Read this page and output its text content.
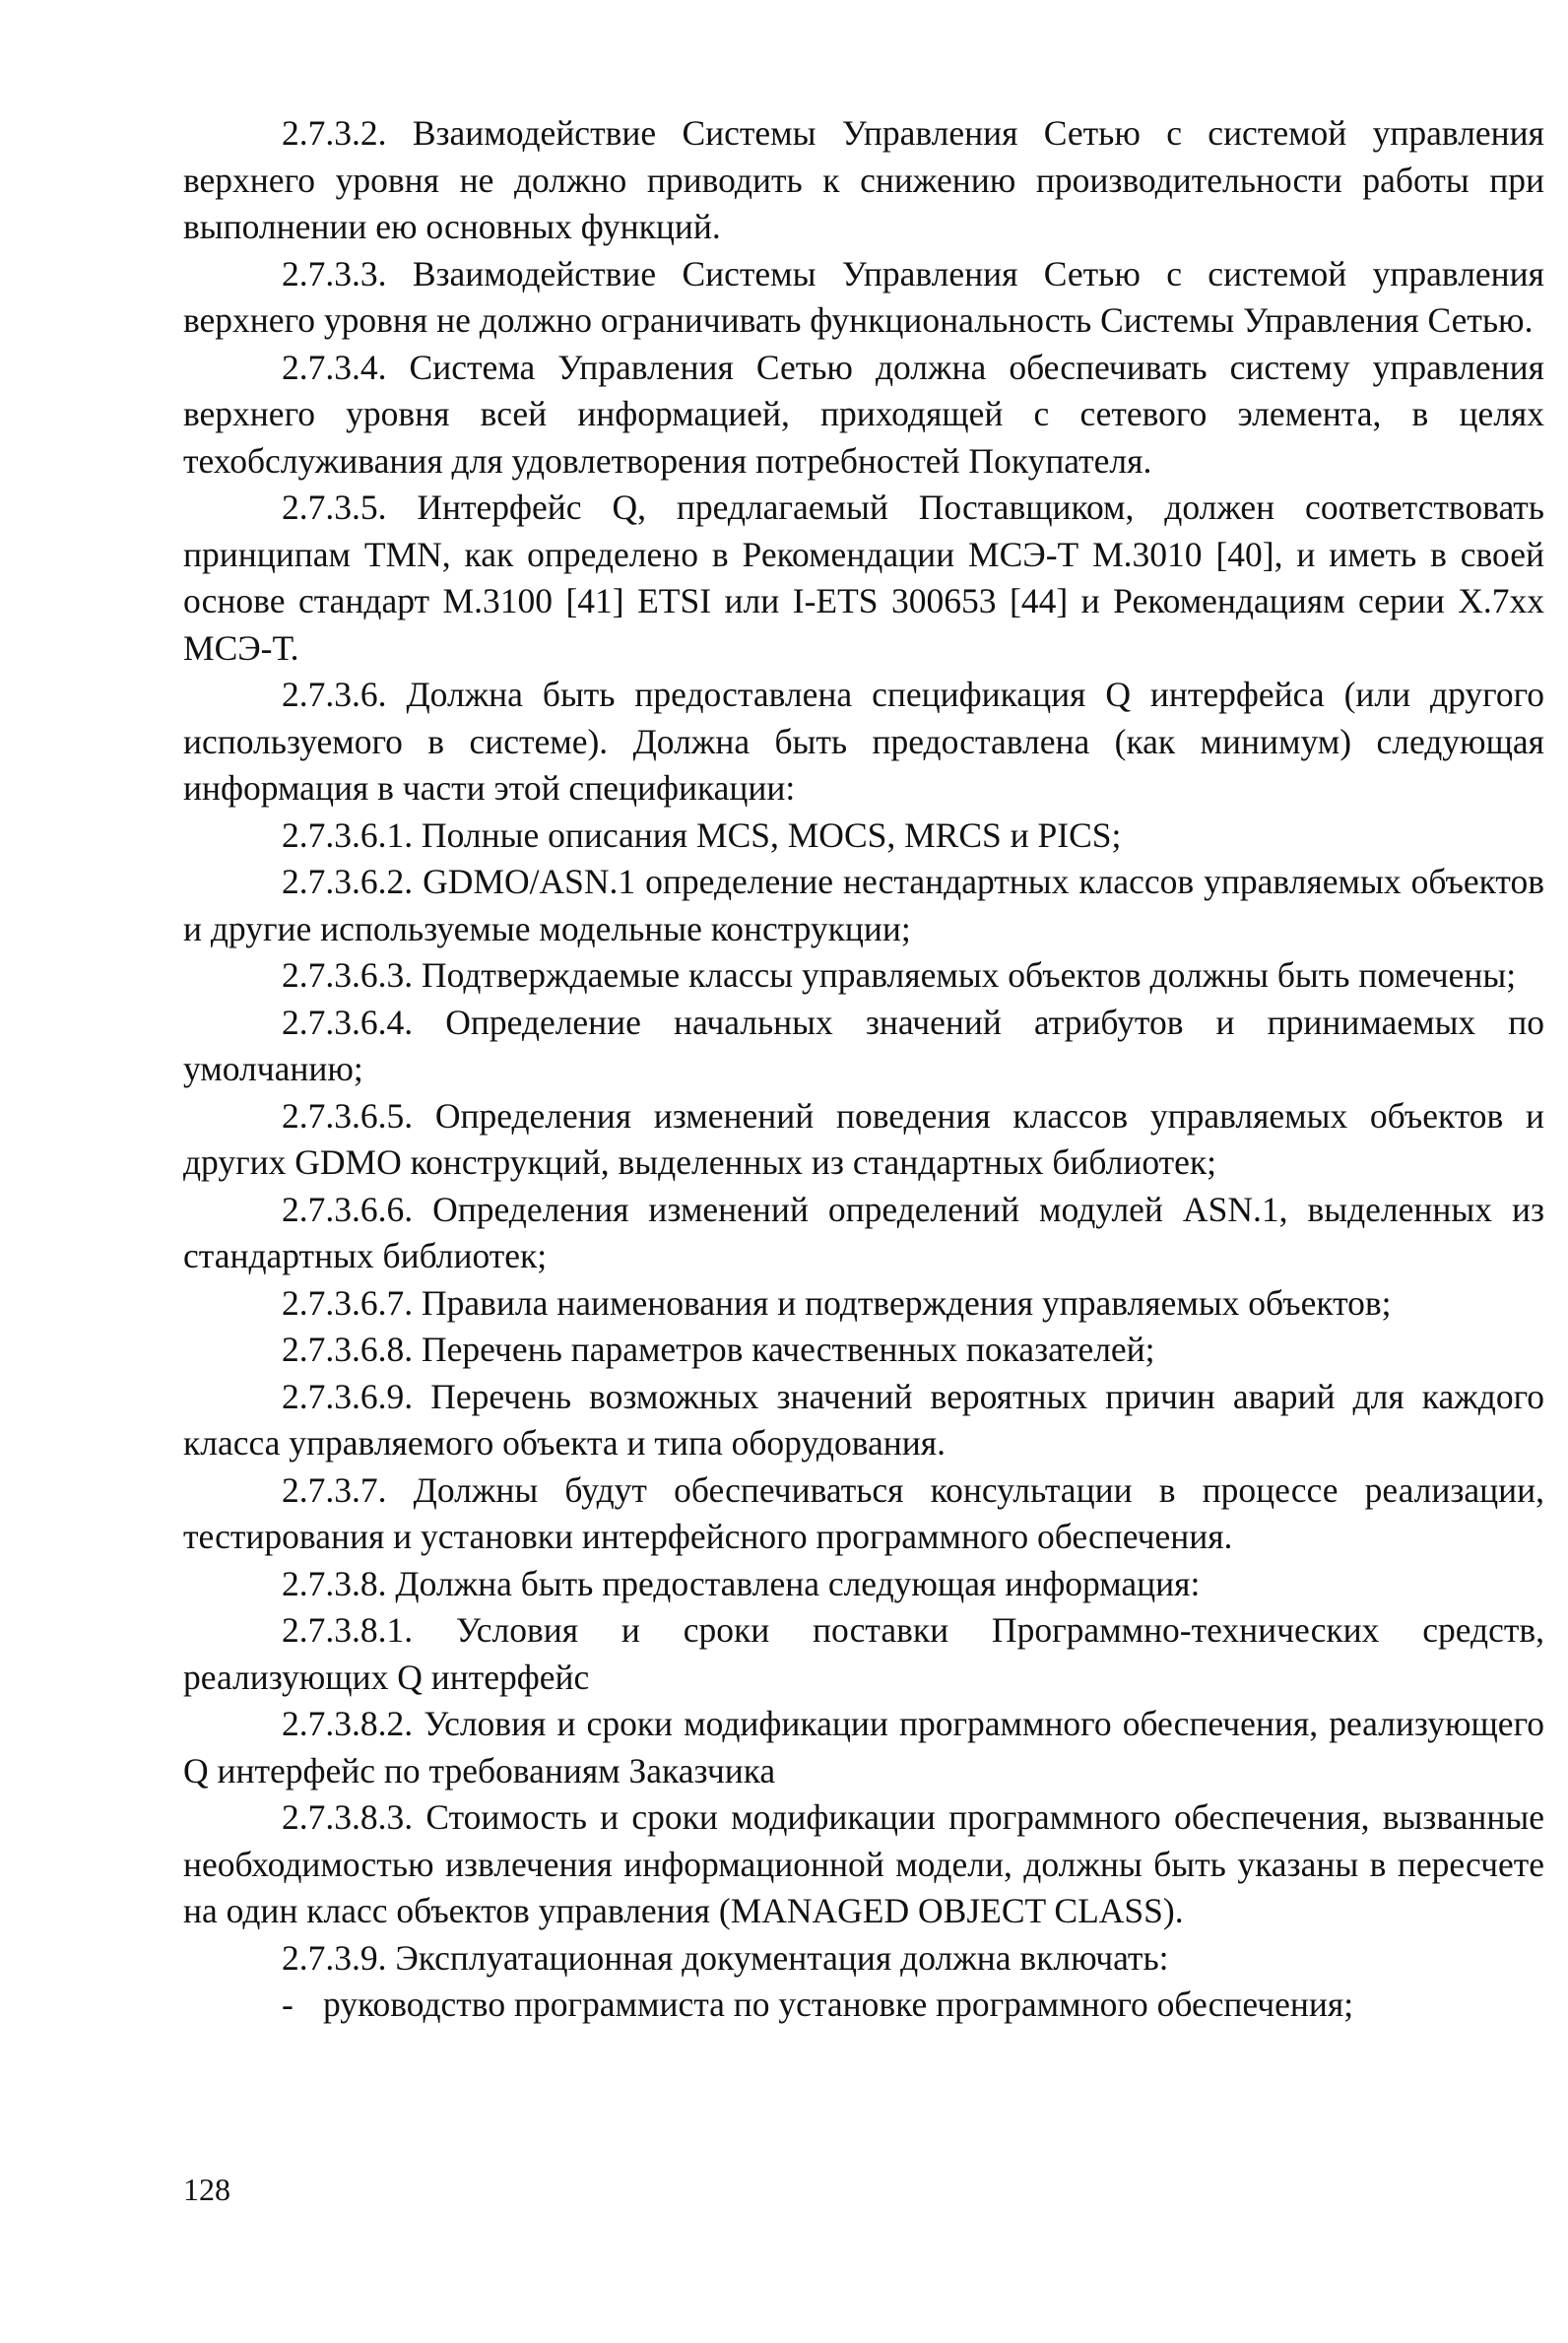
2.7.3.2. Взаимодействие Системы Управления Сетью с системой управления верхнего уровня не должно приводить к снижению производительности работы при выполнении ею основных функций.

2.7.3.3. Взаимодействие Системы Управления Сетью с системой управления верхнего уровня не должно ограничивать функциональность Системы Управления Сетью.

2.7.3.4. Система Управления Сетью должна обеспечивать систему управления верхнего уровня всей информацией, приходящей с сетевого элемента, в целях техобслуживания для удовлетворения потребностей Покупателя.

2.7.3.5. Интерфейс Q, предлагаемый Поставщиком, должен соответствовать принципам TMN, как определено в Рекомендации МСЭ-Т М.3010 [40], и иметь в своей основе стандарт М.3100 [41] ETSI или I-ETS 300653 [44] и Рекомендациям серии X.7xx МСЭ-Т.

2.7.3.6. Должна быть предоставлена спецификация Q интерфейса (или другого используемого в системе). Должна быть предоставлена (как минимум) следующая информация в части этой спецификации:

2.7.3.6.1. Полные описания MCS, MOCS, MRCS и PICS;

2.7.3.6.2. GDMO/ASN.1 определение нестандартных классов управляемых объектов и другие используемые модельные конструкции;

2.7.3.6.3. Подтверждаемые классы управляемых объектов должны быть помечены;

2.7.3.6.4. Определение начальных значений атрибутов и принимаемых по умолчанию;

2.7.3.6.5. Определения изменений поведения классов управляемых объектов и других GDMO конструкций, выделенных из стандартных библиотек;

2.7.3.6.6. Определения изменений определений модулей ASN.1, выделенных из стандартных библиотек;

2.7.3.6.7. Правила наименования и подтверждения управляемых объектов;

2.7.3.6.8. Перечень параметров качественных показателей;

2.7.3.6.9. Перечень возможных значений вероятных причин аварий для каждого класса управляемого объекта и типа оборудования.

2.7.3.7. Должны будут обеспечиваться консультации в процессе реализации, тестирования и установки интерфейсного программного обеспечения.

2.7.3.8. Должна быть предоставлена следующая информация:

2.7.3.8.1. Условия и сроки поставки Программно-технических средств, реализующих Q интерфейс

2.7.3.8.2. Условия и сроки модификации программного обеспечения, реализующего Q интерфейс по требованиям Заказчика

2.7.3.8.3. Стоимость и сроки модификации программного обеспечения, вызванные необходимостью извлечения информационной модели, должны быть указаны в пересчете на один класс объектов управления (MANAGED OBJECT CLASS).

2.7.3.9. Эксплуатационная документация должна включать:

- руководство программиста по установке программного обеспечения;

128
